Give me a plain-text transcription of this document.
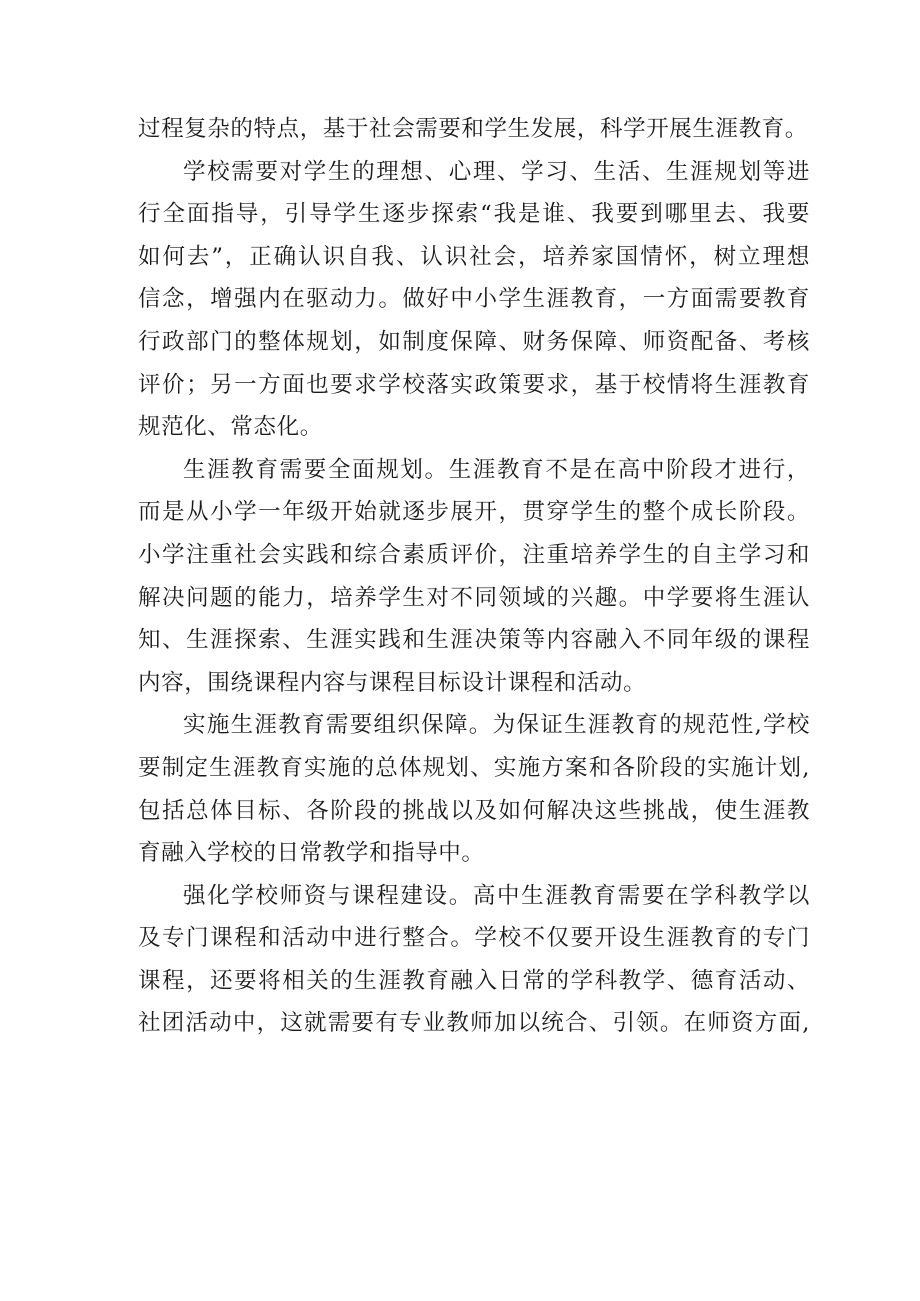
过程复杂的特点，基于社会需要和学生发展，科学开展生涯教育。

学校需要对学生的理想、心理、学习、生活、生涯规划等进
行全面指导，引导学生逐步探索“我是谁、我要到哪里去、我要
如何去”，正确认识自我、认识社会，培养家国情怀，树立理想
信念，增强内在驱动力。做好中小学生涯教育，一方面需要教育
行政部门的整体规划，如制度保障、财务保障、师资配备、考核
评价；另一方面也要求学校落实政策要求，基于校情将生涯教育
规范化、常态化。

生涯教育需要全面规划。生涯教育不是在高中阶段才进行，
而是从小学一年级开始就逐步展开，贯穿学生的整个成长阶段。
小学注重社会实践和综合素质评价，注重培养学生的自主学习和
解决问题的能力，培养学生对不同领域的兴趣。中学要将生涯认
知、生涯探索、生涯实践和生涯决策等内容融入不同年级的课程
内容，围绕课程内容与课程目标设计课程和活动。

实施生涯教育需要组织保障。为保证生涯教育的规范性,学校
要制定生涯教育实施的总体规划、实施方案和各阶段的实施计划,
包括总体目标、各阶段的挑战以及如何解决这些挑战，使生涯教
育融入学校的日常教学和指导中。

强化学校师资与课程建设。高中生涯教育需要在学科教学以
及专门课程和活动中进行整合。学校不仅要开设生涯教育的专门
课程，还要将相关的生涯教育融入日常的学科教学、德育活动、
社团活动中，这就需要有专业教师加以统合、引领。在师资方面,
